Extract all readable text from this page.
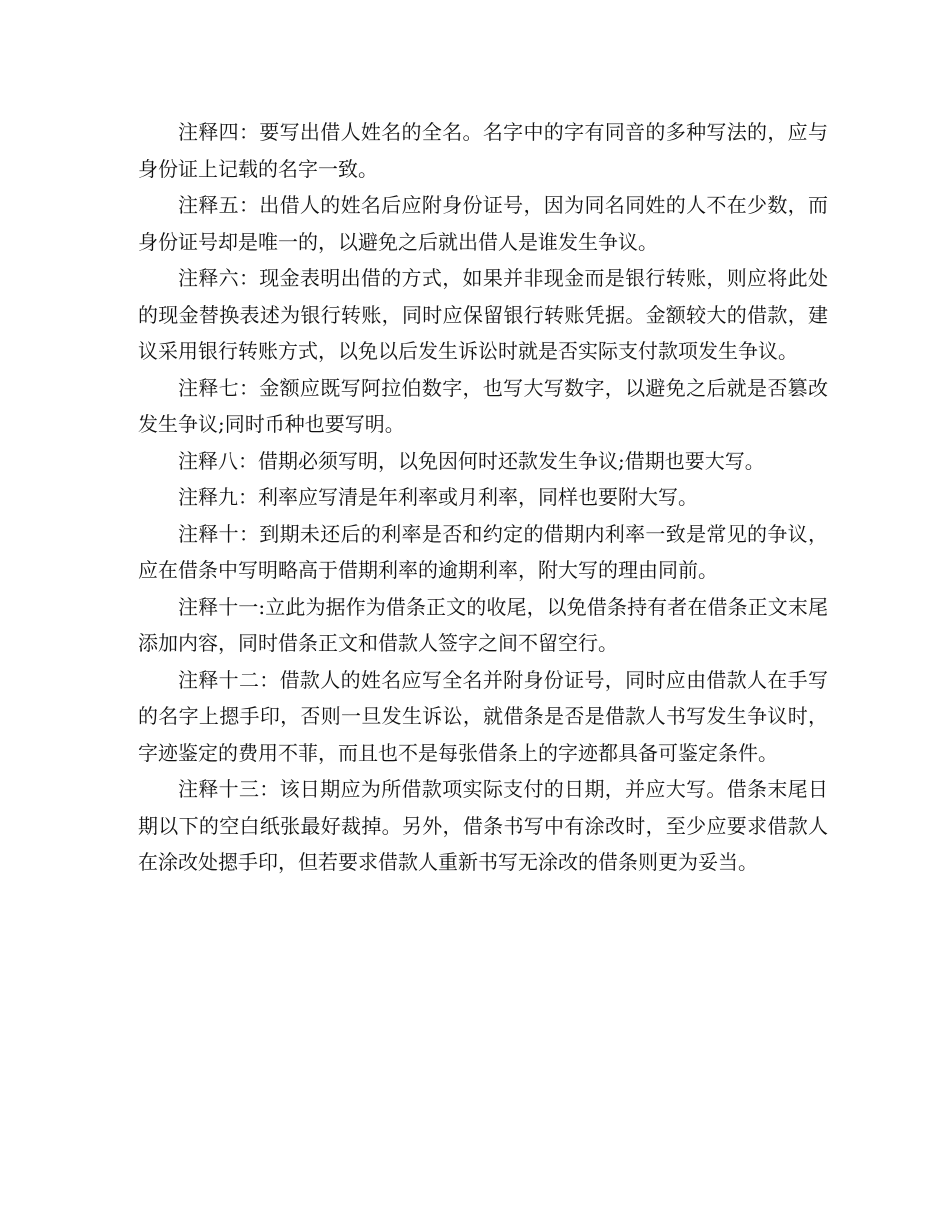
注释四：要写出借人姓名的全名。名字中的字有同音的多种写法的，应与身份证上记载的名字一致。

注释五：出借人的姓名后应附身份证号，因为同名同姓的人不在少数，而身份证号却是唯一的，以避免之后就出借人是谁发生争议。

注释六：现金表明出借的方式，如果并非现金而是银行转账，则应将此处的现金替换表述为银行转账，同时应保留银行转账凭据。金额较大的借款，建议采用银行转账方式，以免以后发生诉讼时就是否实际支付款项发生争议。

注释七：金额应既写阿拉伯数字，也写大写数字，以避免之后就是否篡改发生争议;同时币种也要写明。

注释八：借期必须写明，以免因何时还款发生争议;借期也要大写。

注释九：利率应写清是年利率或月利率，同样也要附大写。

注释十：到期未还后的利率是否和约定的借期内利率一致是常见的争议，应在借条中写明略高于借期利率的逾期利率，附大写的理由同前。

注释十一:立此为据作为借条正文的收尾，以免借条持有者在借条正文末尾添加内容，同时借条正文和借款人签字之间不留空行。

注释十二：借款人的姓名应写全名并附身份证号，同时应由借款人在手写的名字上摁手印，否则一旦发生诉讼，就借条是否是借款人书写发生争议时，字迹鉴定的费用不菲，而且也不是每张借条上的字迹都具备可鉴定条件。

注释十三：该日期应为所借款项实际支付的日期，并应大写。借条末尾日期以下的空白纸张最好裁掉。另外，借条书写中有涂改时，至少应要求借款人在涂改处摁手印，但若要求借款人重新书写无涂改的借条则更为妥当。
